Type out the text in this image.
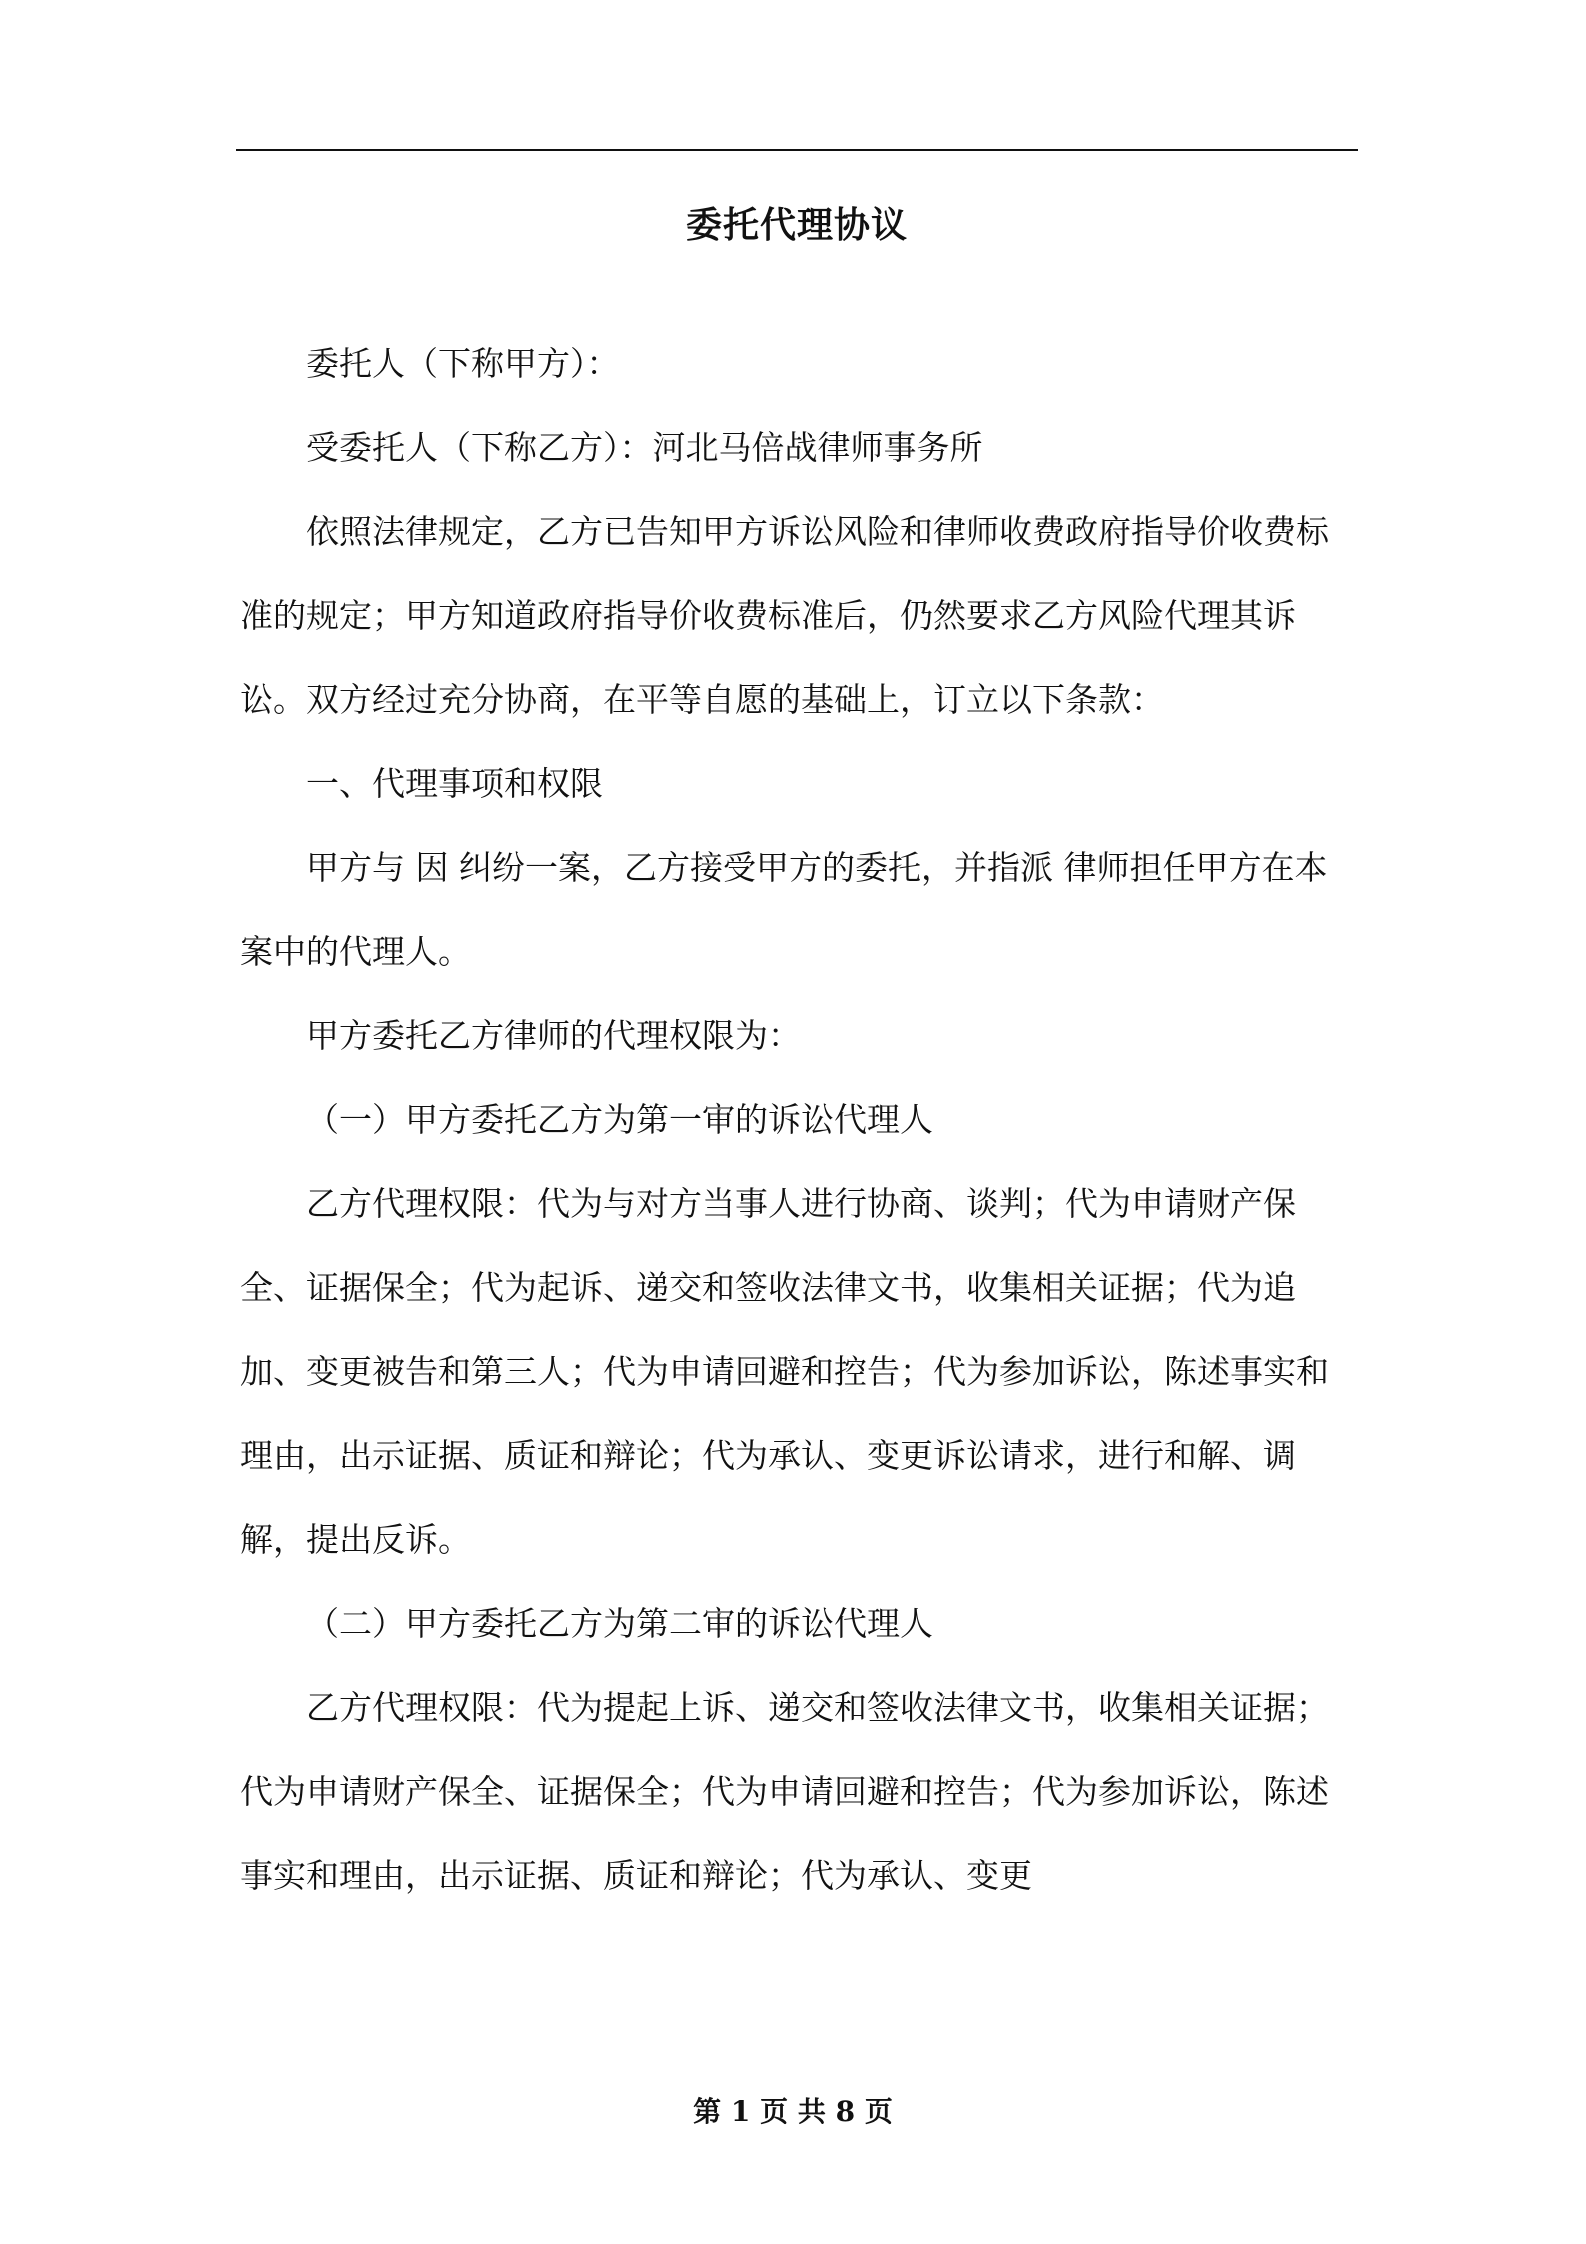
委托代理协议

委托人（下称甲方）：

受委托人（下称乙方）：河北马倍战律师事务所

依照法律规定，乙方已告知甲方诉讼风险和律师收费政府指导价收费标准的规定；甲方知道政府指导价收费标准后，仍然要求乙方风险代理其诉讼。双方经过充分协商，在平等自愿的基础上，订立以下条款：

一、代理事项和权限

甲方与 因 纠纷一案，乙方接受甲方的委托，并指派 律师担任甲方在本案中的代理人。

甲方委托乙方律师的代理权限为：

（一）甲方委托乙方为第一审的诉讼代理人

乙方代理权限：代为与对方当事人进行协商、谈判；代为申请财产保全、证据保全；代为起诉、递交和签收法律文书，收集相关证据；代为追加、变更被告和第三人；代为申请回避和控告；代为参加诉讼，陈述事实和理由，出示证据、质证和辩论；代为承认、变更诉讼请求，进行和解、调解，提出反诉。

（二）甲方委托乙方为第二审的诉讼代理人

乙方代理权限：代为提起上诉、递交和签收法律文书，收集相关证据；代为申请财产保全、证据保全；代为申请回避和控告；代为参加诉讼，陈述事实和理由，出示证据、质证和辩论；代为承认、变更

第 1 页 共 8 页
